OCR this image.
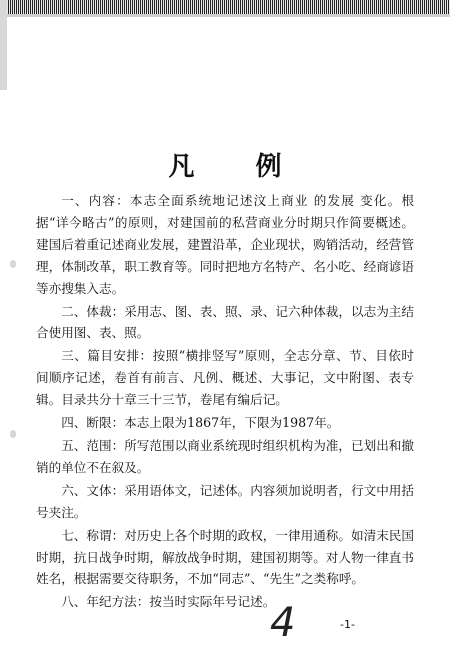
凡 例

一、内容：本志全面系统地记述汶上商业 的发展 变化。根 据“详今略古”的原则，对建国前的私营商业分时期只作简要概述。建国后着重记述商业发展，建置沿革，企业现状，购销活动，经营管理，体制改革，职工教育等。同时把地方名特产、名小吃、经商谚语等亦搜集入志。

二、体裁：采用志、图、表、照、录、记六种体裁，以志为主结合使用图、表、照。

三、篇目安排：按照“横排竖写”原则，全志分章、节、目依时间顺序记述，卷首有前言、凡例、概述、大事记，文中附图、表专辑。目录共分十章三十三节，卷尾有编后记。

四、断限：本志上限为1867年，下限为1987年。

五、范围：所写范围以商业系统现时组织机构为准，已划出和撤销的单位不在叙及。

六、文体：采用语体文，记述体。内容须加说明者，行文中用括号夹注。

七、称谓：对历史上各个时期的政权，一律用通称。如清末民国时期，抗日战争时期，解放战争时期，建国初期等。对人物一律直书姓名，根据需要交待职务，不加“同志”、“先生”之类称呼。

八、年纪方法：按当时实际年号记述。

4	-1-
